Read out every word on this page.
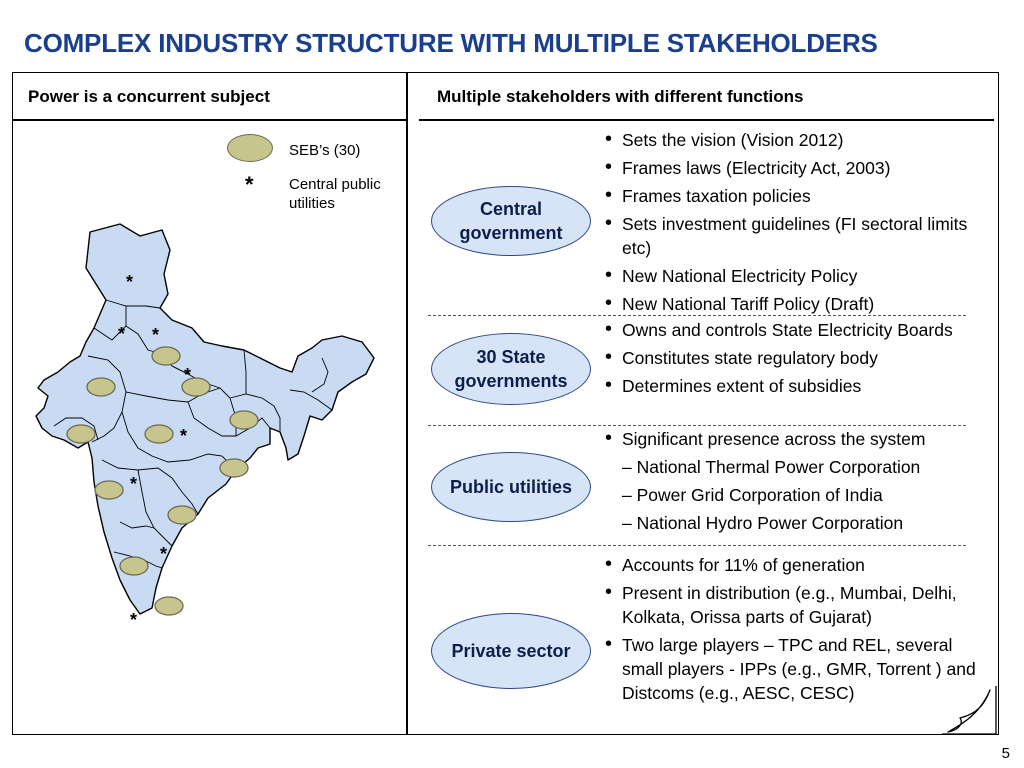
COMPLEX INDUSTRY STRUCTURE WITH MULTIPLE STAKEHOLDERS
Power is a concurrent subject	Multiple stakeholders with different functions
SEB’s (30)
* Central public
utilities
*
* *
*
*
*
*
*
Central
government
30 State
governments
Public utilities
Private sector
• Sets the vision (Vision 2012)
• Frames laws (Electricity Act, 2003)
• Frames taxation policies
• Sets investment guidelines (FI sectoral limits etc)
• New National Electricity Policy
• New National Tariff Policy (Draft)
• Owns and controls State Electricity Boards
• Constitutes state regulatory body
• Determines extent of subsidies
• Significant presence across the system
– National Thermal Power Corporation
– Power Grid Corporation of India
– National Hydro Power Corporation
• Accounts for 11% of generation
• Present in distribution (e.g., Mumbai, Delhi, Kolkata, Orissa parts of Gujarat)
• Two large players – TPC and REL, several small players - IPPs (e.g., GMR, Torrent ) and Distcoms (e.g., AESC, CESC)
5
